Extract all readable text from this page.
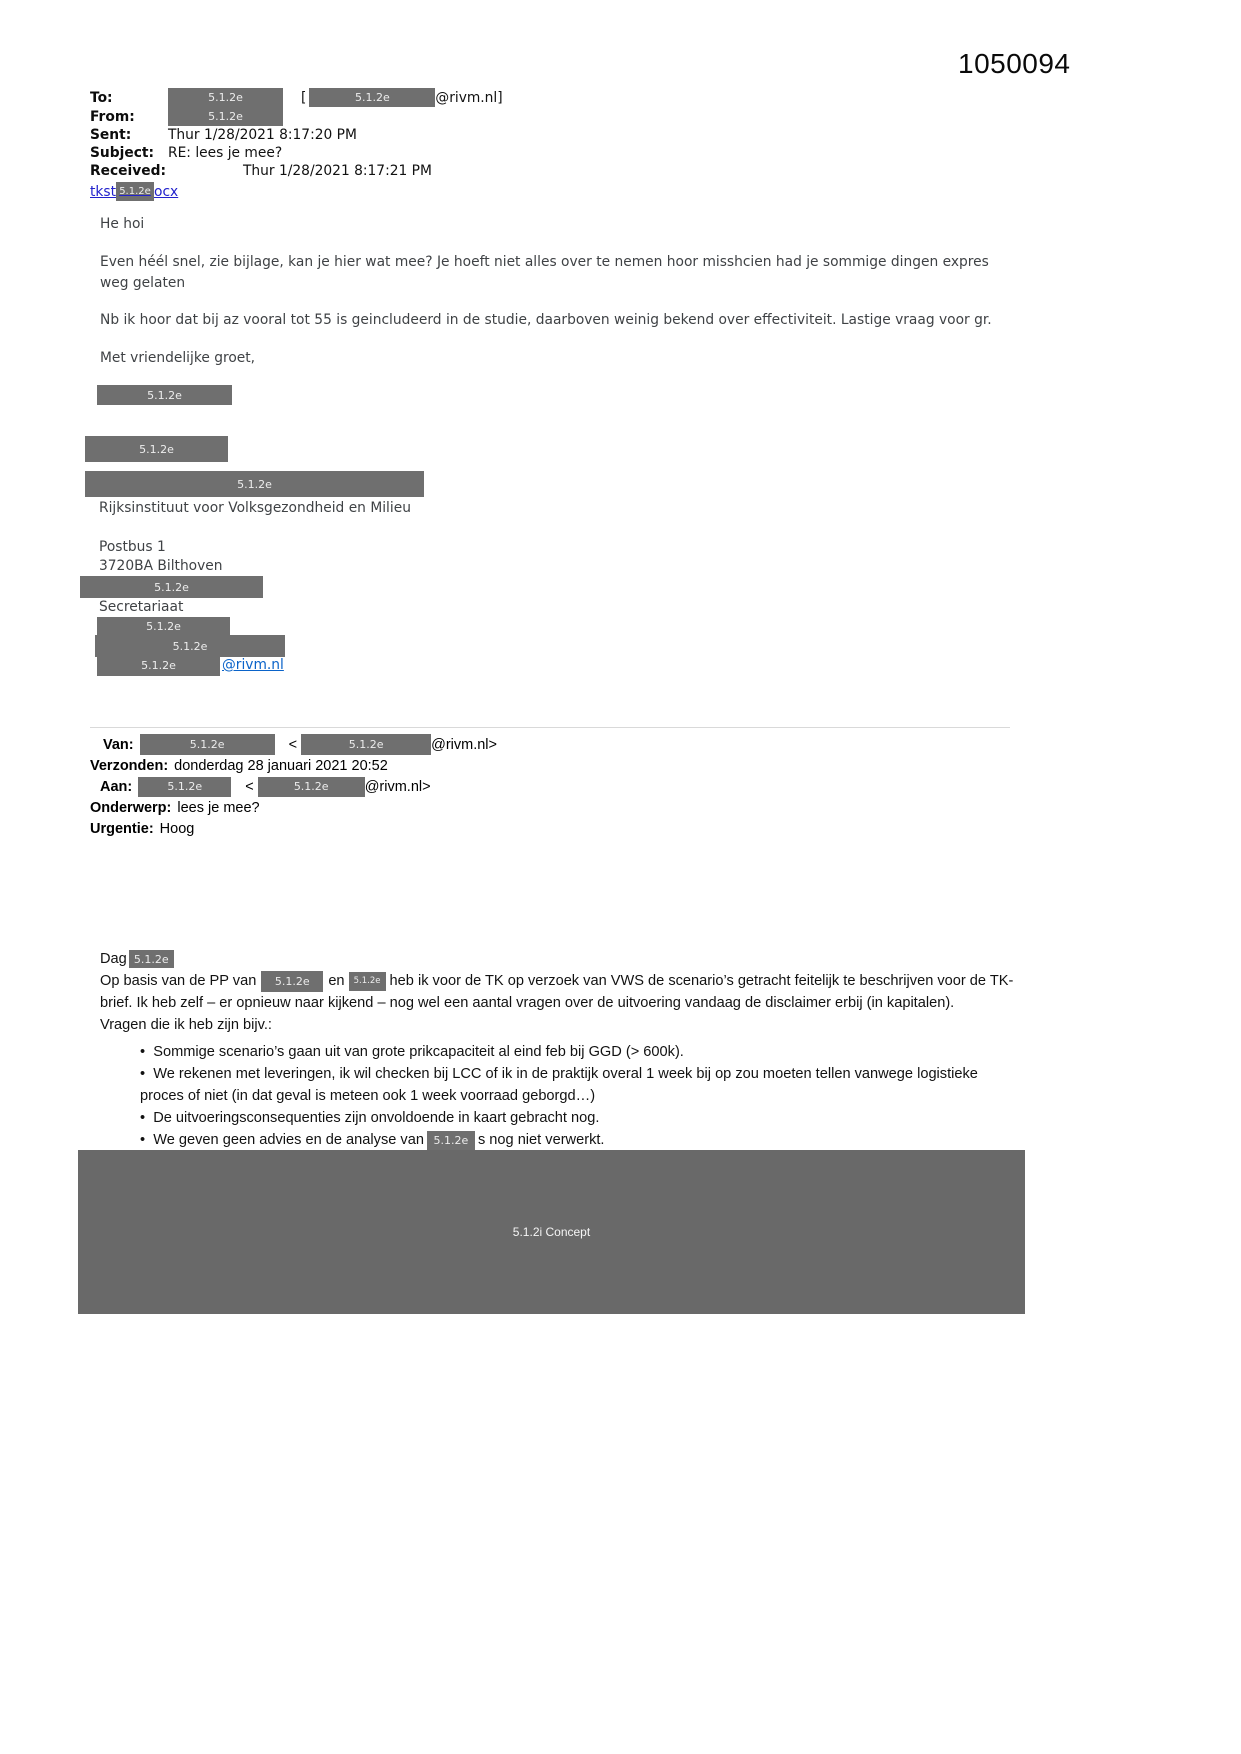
1050094
To:	5.1.2e	[	5.1.2e	@rivm.nl]
From:	5.1.2e
Sent:	Thur 1/28/2021 8:17:20 PM
Subject:	RE: lees je mee?
Received:	Thur 1/28/2021 8:17:21 PM
tkst 5.1.2e ocx

He hoi

Even héél snel, zie bijlage, kan je hier wat mee? Je hoeft niet alles over te nemen hoor misshcien had je sommige dingen expres weg gelaten

Nb ik hoor dat bij az vooral tot 55 is geincludeerd in de studie, daarboven weinig bekend over effectiviteit. Lastige vraag voor gr.

Met vriendelijke groet,

5.1.2e
5.1.2e
5.1.2e
Rijksinstituut voor Volksgezondheid en Milieu
Postbus 1
3720BA Bilthoven
5.1.2e
Secretariaat
5.1.2e
5.1.2e
5.1.2e	@rivm.nl
Van:	5.1.2e	<	5.1.2e	@rivm.nl>
Verzonden: donderdag 28 januari 2021 20:52
Aan:	5.1.2e	<	5.1.2e	@rivm.nl>
Onderwerp: lees je mee?
Urgentie: Hoog
Dag 5.1.2e

Op basis van de PP van 5.1.2e en 5.1.2e heb ik voor de TK op verzoek van VWS de scenario’s getracht feitelijk te beschrijven voor de TK-brief. Ik heb zelf – er opnieuw naar kijkend – nog wel een aantal vragen over de uitvoering vandaag de disclaimer erbij (in kapitalen).

Vragen die ik heb zijn bijv.:

•  Sommige scenario’s gaan uit van grote prikcapaciteit al eind feb bij GGD (> 600k).
•  We rekenen met leveringen, ik wil checken bij LCC of ik in de praktijk overal 1 week bij op zou moeten tellen vanwege logistieke proces of niet (in dat geval is meteen ook 1 week voorraad geborgd…)
•  De uitvoeringsconsequenties zijn onvoldoende in kaart gebracht nog.
•  We geven geen advies en de analyse van 5.1.2e s nog niet verwerkt.

5.1.2i Concept
